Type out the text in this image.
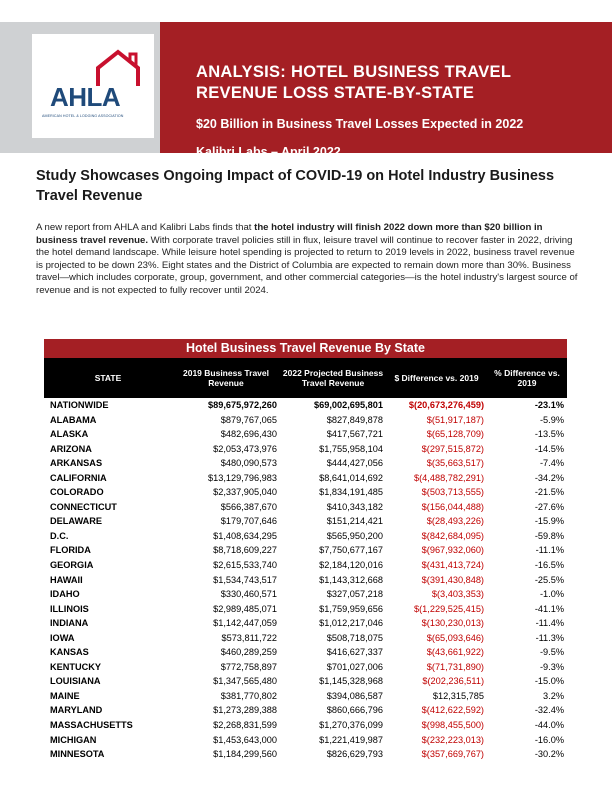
AHLA
AMERICAN HOTEL & LODGING ASSOCIATION
ANALYSIS: HOTEL BUSINESS TRAVEL
REVENUE LOSS STATE-BY-STATE
$20 Billion in Business Travel Losses Expected in 2022
Kalibri Labs – April 2022
Study Showcases Ongoing Impact of COVID-19 on Hotel Industry Business Travel Revenue
A new report from AHLA and Kalibri Labs finds that the hotel industry will finish 2022 down more than $20 billion in business travel revenue. With corporate travel policies still in flux, leisure travel will continue to recover faster in 2022, driving the hotel demand landscape. While leisure hotel spending is projected to return to 2019 levels in 2022, business travel revenue is projected to be down 23%. Eight states and the District of Columbia are expected to remain down more than 30%. Business travel—which includes corporate, group, government, and other commercial categories—is the hotel industry's largest source of revenue and is not expected to fully recover until 2024.
Hotel Business Travel Revenue By State
STATE
2019 Business Travel Revenue
2022 Projected Business Travel Revenue
$ Difference vs. 2019
% Difference vs. 2019
NATIONWIDE	$89,675,972,260	$69,002,695,801	$(20,673,276,459)	-23.1%
ALABAMA	$879,767,065	$827,849,878	$(51,917,187)	-5.9%
ALASKA	$482,696,430	$417,567,721	$(65,128,709)	-13.5%
ARIZONA	$2,053,473,976	$1,755,958,104	$(297,515,872)	-14.5%
ARKANSAS	$480,090,573	$444,427,056	$(35,663,517)	-7.4%
CALIFORNIA	$13,129,796,983	$8,641,014,692	$(4,488,782,291)	-34.2%
COLORADO	$2,337,905,040	$1,834,191,485	$(503,713,555)	-21.5%
CONNECTICUT	$566,387,670	$410,343,182	$(156,044,488)	-27.6%
DELAWARE	$179,707,646	$151,214,421	$(28,493,226)	-15.9%
D.C.	$1,408,634,295	$565,950,200	$(842,684,095)	-59.8%
FLORIDA	$8,718,609,227	$7,750,677,167	$(967,932,060)	-11.1%
GEORGIA	$2,615,533,740	$2,184,120,016	$(431,413,724)	-16.5%
HAWAII	$1,534,743,517	$1,143,312,668	$(391,430,848)	-25.5%
IDAHO	$330,460,571	$327,057,218	$(3,403,353)	-1.0%
ILLINOIS	$2,989,485,071	$1,759,959,656	$(1,229,525,415)	-41.1%
INDIANA	$1,142,447,059	$1,012,217,046	$(130,230,013)	-11.4%
IOWA	$573,811,722	$508,718,075	$(65,093,646)	-11.3%
KANSAS	$460,289,259	$416,627,337	$(43,661,922)	-9.5%
KENTUCKY	$772,758,897	$701,027,006	$(71,731,890)	-9.3%
LOUISIANA	$1,347,565,480	$1,145,328,968	$(202,236,511)	-15.0%
MAINE	$381,770,802	$394,086,587	$12,315,785	3.2%
MARYLAND	$1,273,289,388	$860,666,796	$(412,622,592)	-32.4%
MASSACHUSETTS	$2,268,831,599	$1,270,376,099	$(998,455,500)	-44.0%
MICHIGAN	$1,453,643,000	$1,221,419,987	$(232,223,013)	-16.0%
MINNESOTA	$1,184,299,560	$826,629,793	$(357,669,767)	-30.2%
